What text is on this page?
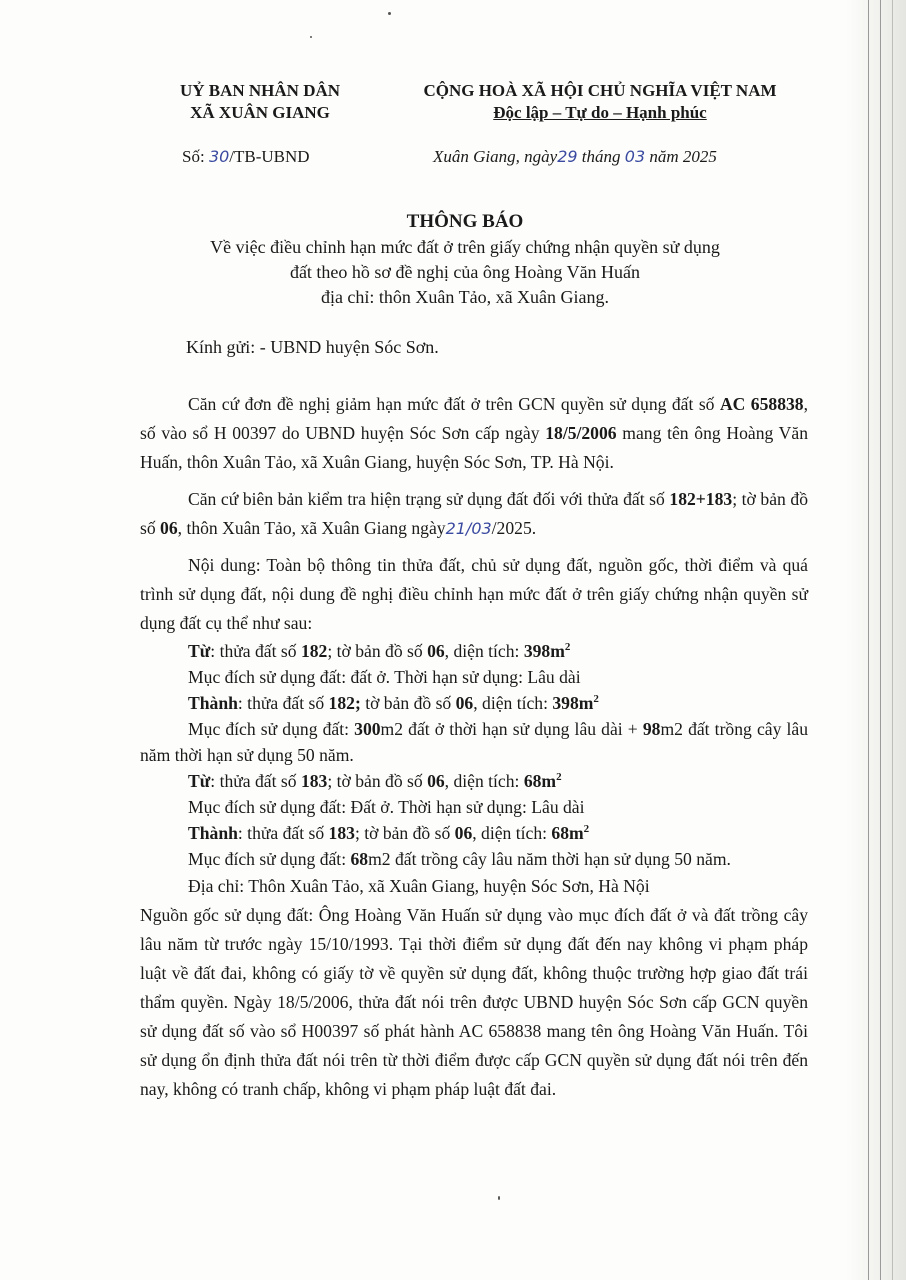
UỶ BAN NHÂN DÂN
XÃ XUÂN GIANG
CỘNG HOÀ XÃ HỘI CHỦ NGHĨA VIỆT NAM
Độc lập – Tự do – Hạnh phúc
Số: 30/TB-UBND	Xuân Giang, ngày29 tháng 03 năm 2025
THÔNG BÁO
Về việc điều chỉnh hạn mức đất ở trên giấy chứng nhận quyền sử dụng
đất theo hồ sơ đề nghị của ông Hoàng Văn Huấn
địa chỉ: thôn Xuân Tảo, xã Xuân Giang.
Kính gửi: - UBND huyện Sóc Sơn.

Căn cứ đơn đề nghị giảm hạn mức đất ở trên GCN quyền sử dụng đất số AC 658838, số vào sổ H 00397 do UBND huyện Sóc Sơn cấp ngày 18/5/2006 mang tên ông Hoàng Văn Huấn, thôn Xuân Tảo, xã Xuân Giang, huyện Sóc Sơn, TP. Hà Nội.

Căn cứ biên bản kiểm tra hiện trạng sử dụng đất đối với thửa đất số 182+183; tờ bản đồ số 06, thôn Xuân Tảo, xã Xuân Giang ngày21/03/2025.

Nội dung: Toàn bộ thông tin thửa đất, chủ sử dụng đất, nguồn gốc, thời điểm và quá trình sử dụng đất, nội dung đề nghị điều chỉnh hạn mức đất ở trên giấy chứng nhận quyền sử dụng đất cụ thể như sau:

Từ: thửa đất số 182; tờ bản đồ số 06, diện tích: $398m^2$

Mục đích sử dụng đất: đất ở. Thời hạn sử dụng: Lâu dài

Thành: thửa đất số 182; tờ bản đồ số 06, diện tích: $398m^2$

Mục đích sử dụng đất: 300m2 đất ở thời hạn sử dụng lâu dài + 98m2 đất trồng cây lâu năm thời hạn sử dụng 50 năm.

Từ: thửa đất số 183; tờ bản đồ số 06, diện tích: $68m^2$

Mục đích sử dụng đất: Đất ở. Thời hạn sử dụng: Lâu dài

Thành: thửa đất số 183; tờ bản đồ số 06, diện tích: $68m^2$

Mục đích sử dụng đất: 68m2 đất trồng cây lâu năm thời hạn sử dụng 50 năm.

Địa chỉ: Thôn Xuân Tảo, xã Xuân Giang, huyện Sóc Sơn, Hà Nội

Nguồn gốc sử dụng đất: Ông Hoàng Văn Huấn sử dụng vào mục đích đất ở và đất trồng cây lâu năm từ trước ngày 15/10/1993. Tại thời điểm sử dụng đất đến nay không vi phạm pháp luật về đất đai, không có giấy tờ về quyền sử dụng đất, không thuộc trường hợp giao đất trái thẩm quyền. Ngày 18/5/2006, thửa đất nói trên được UBND huyện Sóc Sơn cấp GCN quyền sử dụng đất số vào sổ H00397 số phát hành AC 658838 mang tên ông Hoàng Văn Huấn. Tôi sử dụng ổn định thửa đất nói trên từ thời điểm được cấp GCN quyền sử dụng đất nói trên đến nay, không có tranh chấp, không vi phạm pháp luật đất đai.
